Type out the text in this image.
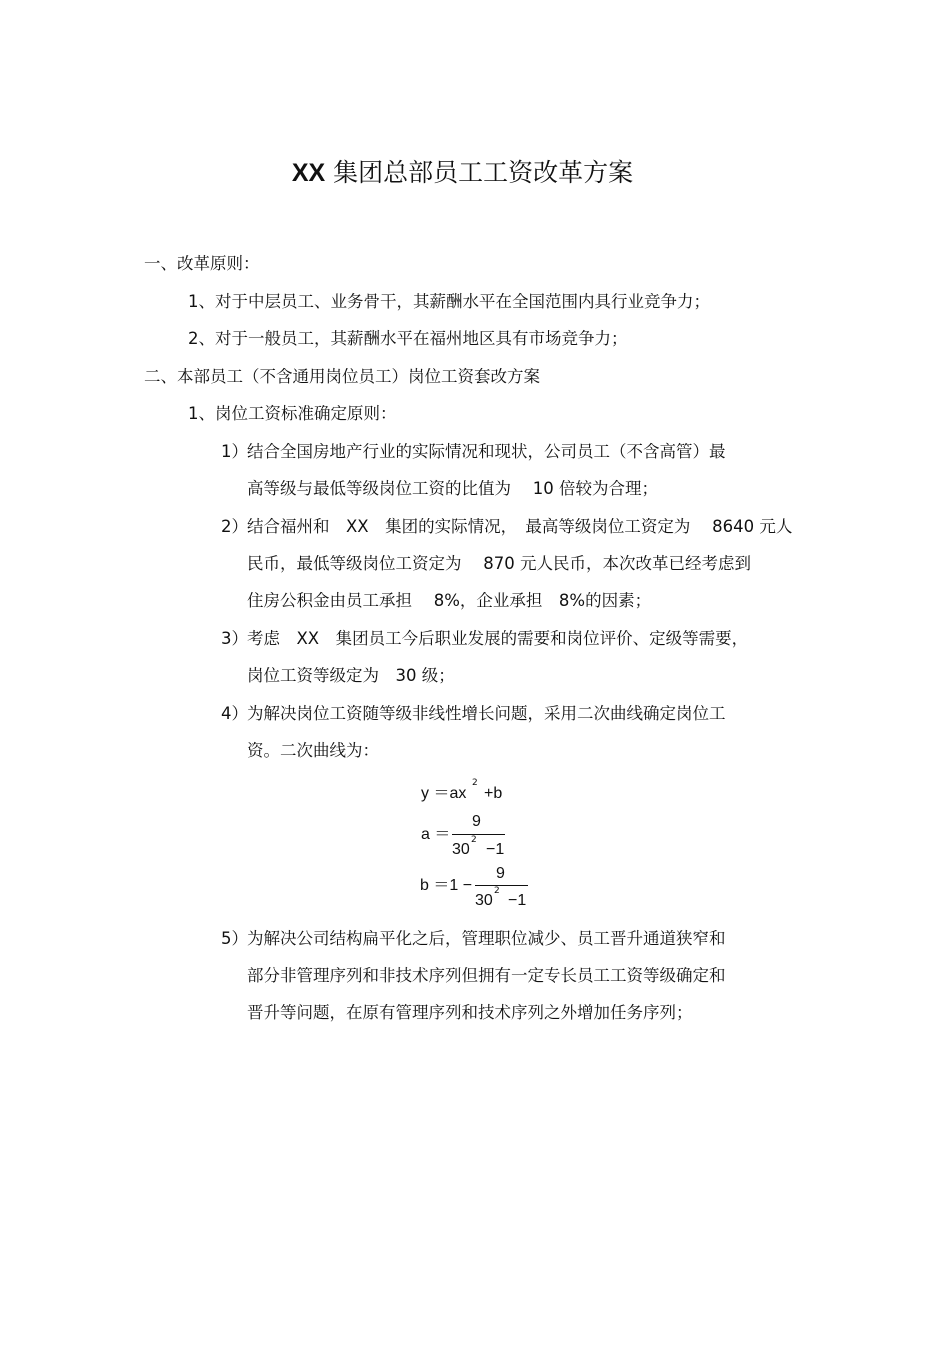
XX 集团总部员工工资改革方案
一、改革原则：
1、对于中层员工、业务骨干，其薪酬水平在全国范围内具行业竞争力；
2、对于一般员工，其薪酬水平在福州地区具有市场竞争力；
二、本部员工（不含通用岗位员工）岗位工资套改方案
1、岗位工资标准确定原则：
1） 结合全国房地产行业的实际情况和现状，公司员工（不含高管）最
高等级与最低等级岗位工资的比值为　 10 倍较为合理；
2） 结合福州和　XX　集团的实际情况，　最高等级岗位工资定为　 8640 元人
民币，最低等级岗位工资定为　 870 元人民币，本次改革已经考虑到
住房公积金由员工承担　 8%，企业承担　8%的因素；
3） 考虑　XX　集团员工今后职业发展的需要和岗位评价、定级等需要，
岗位工资等级定为　30 级；
4） 为解决岗位工资随等级非线性增长问题，采用二次曲线确定岗位工
资。二次曲线为：
y ＝ax
2
+b
a ＝
9
30
2
−1
b ＝1 −
9
30
2
−1
5） 为解决公司结构扁平化之后，管理职位减少、员工晋升通道狭窄和
部分非管理序列和非技术序列但拥有一定专长员工工资等级确定和
晋升等问题，在原有管理序列和技术序列之外增加任务序列；
